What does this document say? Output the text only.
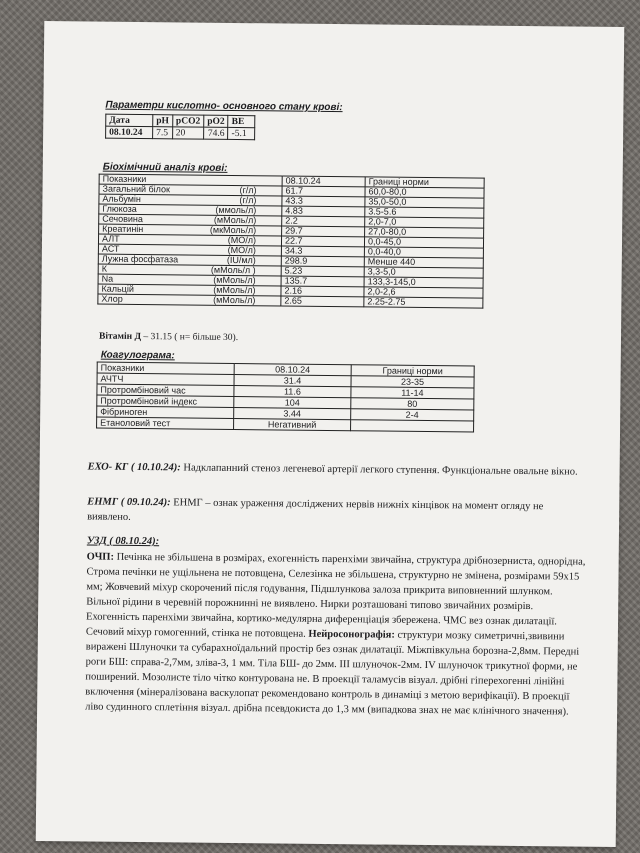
Параметри кислотно- основного стану крові:
Дата	pH	pCO2	pO2	BE
08.10.24	7.5	20	74.6	-5.1
Біохімічний аналіз крові:
Показники	08.10.24	Границі норми
Загальний білок (г/л)	61.7	60,0-80,0
Альбумін (г/л)	43.3	35,0-50,0
Глюкоза (ммоль/л)	4.83	3.5-5.6
Сечовина (мМоль/л)	2.2	2,0-7,0
Креатинін (мкМоль/л)	29.7	27,0-80,0
АЛТ (МО/л)	22.7	0,0-45,0
АСТ (МО/л)	34.3	0,0-40,0
Лужна фосфатаза (IU/мл)	298.9	Менше 440
К (мМоль/л )	5.23	3,3-5,0
Na (мМоль/л)	135.7	133,3-145,0
Кальцій (мМоль/л)	2.16	2,0-2,6
Хлор (мМоль/л)	2.65	2.25-2.75
Вітамін Д – 31.15 ( н= більше 30).
Коагулограма:
Показники	08.10.24	Границі норми
АЧТЧ	31.4	23-35
Протромбіновий час	11.6	11-14
Протромбіновий індекс	104	80
Фібриноген	3.44	2-4
Етаноловий тест	Негативний	
ЕХО- КГ ( 10.10.24): Надклапанний стеноз легеневої артерії легкого ступення. Функціональне овальне вікно.
ЕНМГ ( 09.10.24): ЕНМГ – ознак ураження досліджених нервів нижніх кінцівок на момент огляду не виявлено.
УЗД ( 08.10.24):
ОЧП: Печінка не збільшена в розмірах, ехогенність паренхіми звичайна, структура дрібнозерниста, однорідна, Строма печінки не ущільнена не потовщена, Селезінка не збільшена, структурно не змінена, розмірами 59х15 мм; Жовчевий міхур скорочений після годування, Підшлункова залоза прикрита виповненний шлунком. Вільної рідини в черевній порожнинні не виявлено. Нирки розташовані типово звичайних розмірів. Ехогенність паренхіми звичайна, кортико-медулярна диференціація збережена. ЧМС вез ознак дилатації. Сечовий міхур гомогенний, стінка не потовщена. Нейросонографія: структури мозку симетричні,звивини виражені Шлуночки та субарахноїдальний простір без ознак дилатації. Міжпівкульна борозна-2,8мм. Передні роги БШ: справа-2,7мм, зліва-3, 1 мм. Тіла БШ- до 2мм. ІІІ шлуночок-2мм. ІV шлуночок трикутної форми, не поширений. Мозолисте тіло чітко контурована не. В проекції таламусів візуал. дрібні гіперехогенні лінійні включення (мінералізована васкулопат рекомендовано контроль в динаміці з метою верифікації). В проекції ліво судинного сплетіння візуал. дрібна псевдокиста до 1,3 мм (випадкова знах не має клінічного значення).
